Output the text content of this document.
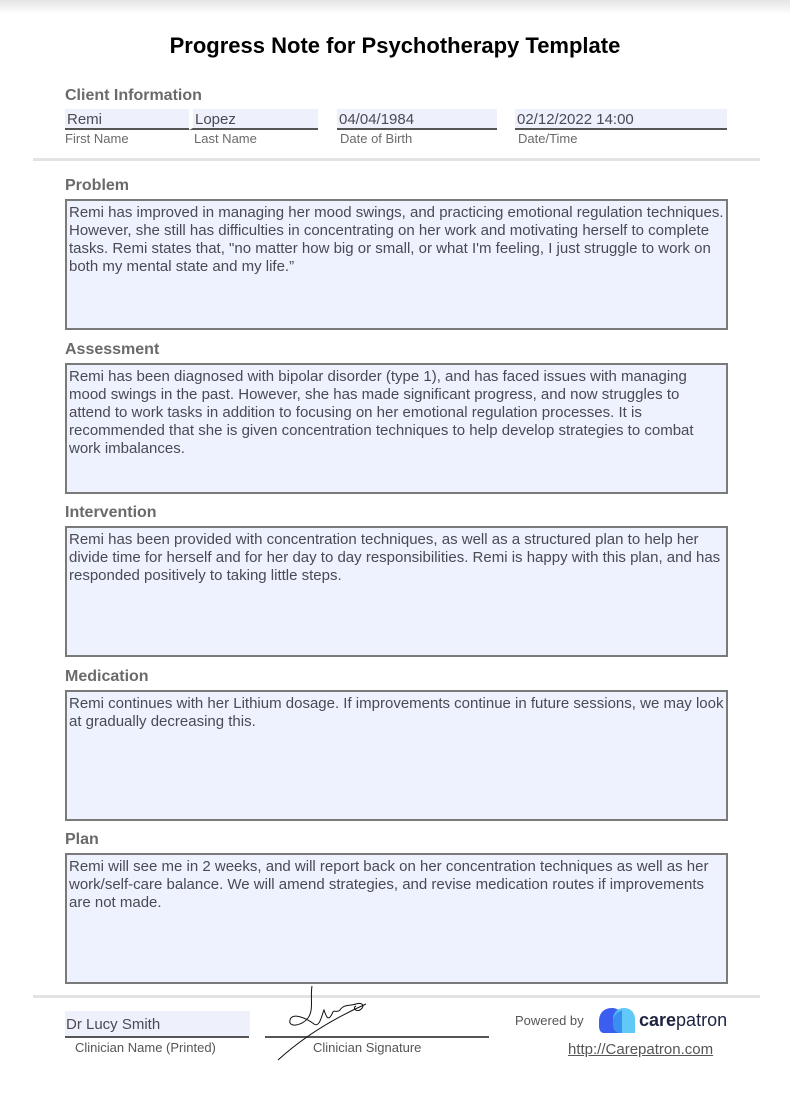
Progress Note for Psychotherapy Template
Client Information
Remi	Lopez	04/04/1984	02/12/2022 14:00
First Name	Last Name	Date of Birth	Date/Time
Problem
Remi has improved in managing her mood swings, and practicing emotional regulation techniques. However, she still has difficulties in concentrating on her work and motivating herself to complete tasks. Remi states that, "no matter how big or small, or what I'm feeling, I just struggle to work on both my mental state and my life.”
Assessment
Remi has been diagnosed with bipolar disorder (type 1), and has faced issues with managing mood swings in the past. However, she has made significant progress, and now struggles to attend to work tasks in addition to focusing on her emotional regulation processes. It is recommended that she is given concentration techniques to help develop strategies to combat work imbalances.
Intervention
Remi has been provided with concentration techniques, as well as a structured plan to help her divide time for herself and for her day to day responsibilities. Remi is happy with this plan, and has responded positively to taking little steps.
Medication
Remi continues with her Lithium dosage. If improvements continue in future sessions, we may look at gradually decreasing this.
Plan
Remi will see me in 2 weeks, and will report back on her concentration techniques as well as her work/self-care balance. We will amend strategies, and revise medication routes if improvements are not made.
Dr Lucy Smith
Clinician Name (Printed)	Clinician Signature
Powered by	carepatron
http://Carepatron.com
